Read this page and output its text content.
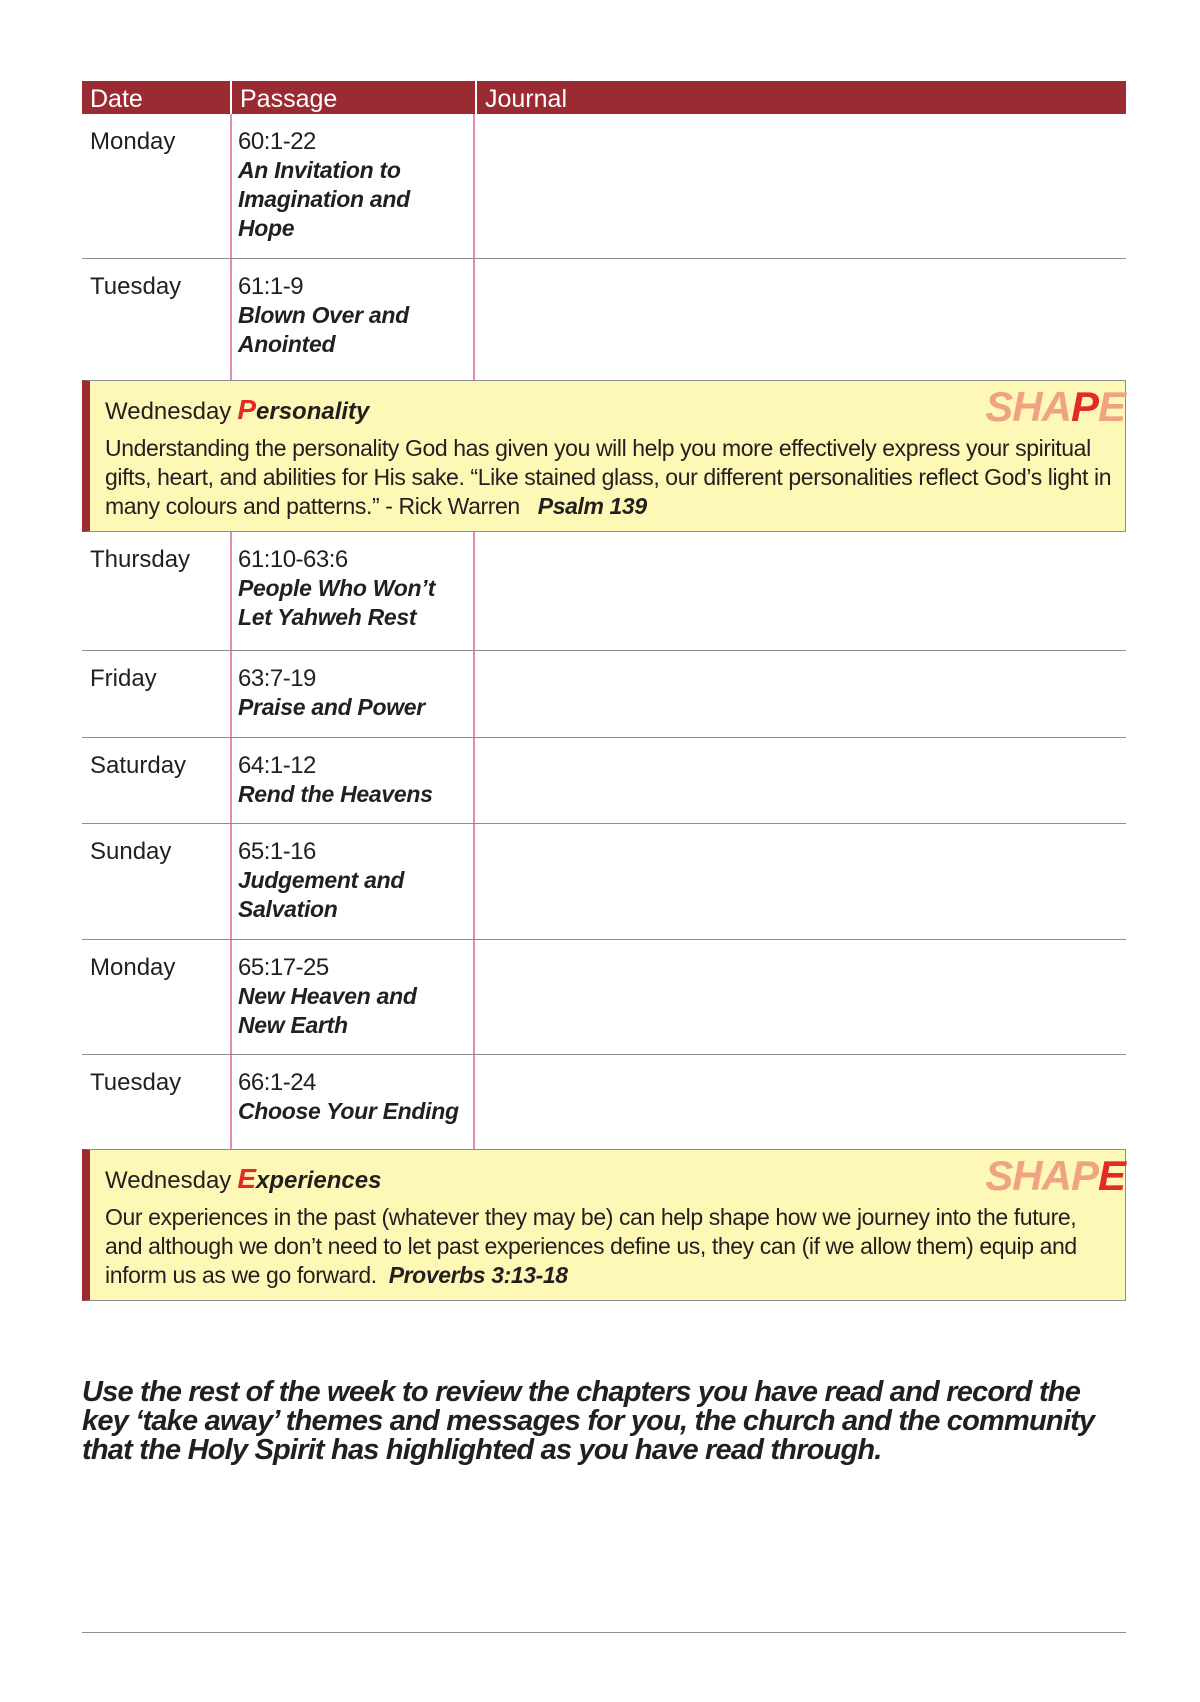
Date	Passage	Journal
Monday	60:1-22
An Invitation to Imagination and Hope
Tuesday	61:1-9
Blown Over and Anointed
SHAPE
Wednesday Personality
Understanding the personality God has given you will help you more effectively express your spiritual gifts, heart, and abilities for His sake. “Like stained glass, our different personalities reflect God’s light in many colours and patterns.” - Rick Warren Psalm 139
Thursday	61:10-63:6
People Who Won’t Let Yahweh Rest
Friday	63:7-19
Praise and Power
Saturday	64:1-12
Rend the Heavens
Sunday	65:1-16
Judgement and Salvation
Monday	65:17-25
New Heaven and New Earth
Tuesday	66:1-24
Choose Your Ending
SHAPE
Wednesday Experiences
Our experiences in the past (whatever they may be) can help shape how we journey into the future, and although we don’t need to let past experiences define us, they can (if we allow them) equip and inform us as we go forward. Proverbs 3:13-18
Use the rest of the week to review the chapters you have read and record the key ‘take away’ themes and messages for you, the church and the community that the Holy Spirit has highlighted as you have read through.
